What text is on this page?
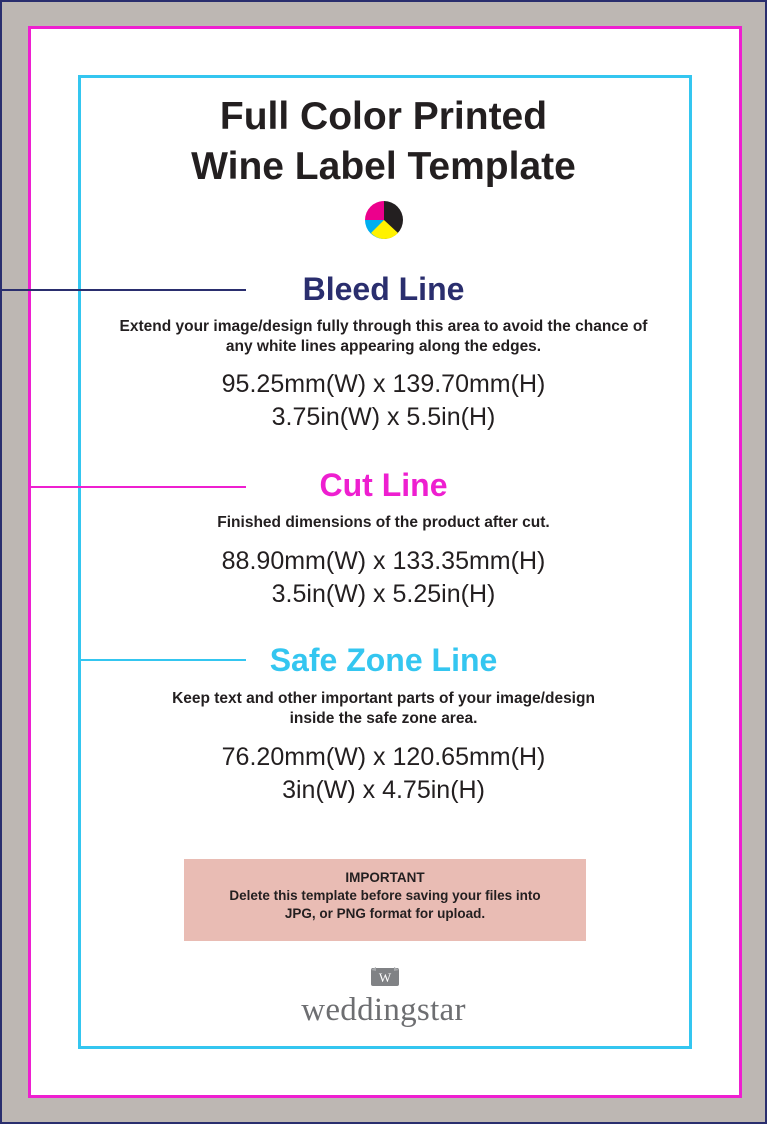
Full Color Printed
Wine Label Template
Bleed Line
Extend your image/design fully through this area to avoid the chance of
any white lines appearing along the edges.
95.25mm(W) x 139.70mm(H)
3.75in(W) x 5.5in(H)
Cut Line
Finished dimensions of the product after cut.
88.90mm(W) x 133.35mm(H)
3.5in(W) x 5.25in(H)
Safe Zone Line
Keep text and other important parts of your image/design
inside the safe zone area.
76.20mm(W) x 120.65mm(H)
3in(W) x 4.75in(H)
IMPORTANT
Delete this template before saving your files into
JPG, or PNG format for upload.
W
weddingstar
